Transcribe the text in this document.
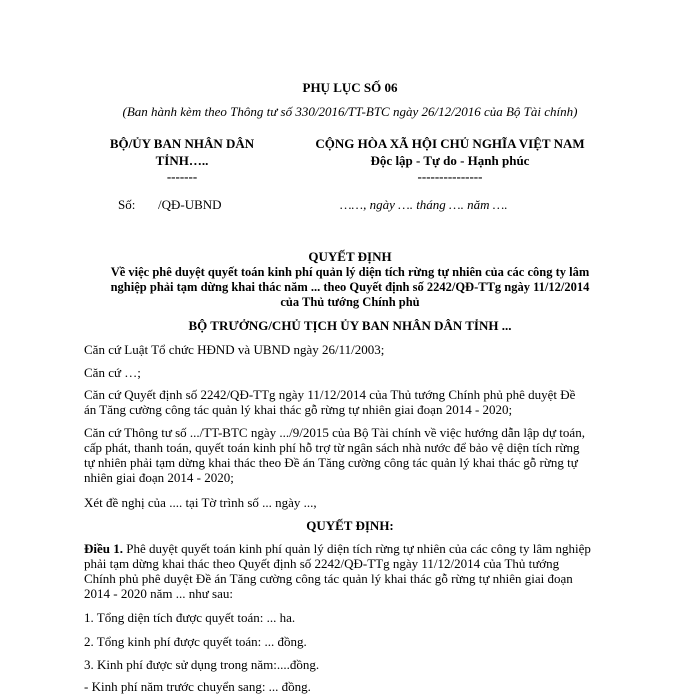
PHỤ LỤC SỐ 06
(Ban hành kèm theo Thông tư số 330/2016/TT-BTC ngày 26/12/2016 của Bộ Tài chính)
BỘ/ỦY BAN NHÂN DÂN
TỈNH…..
-------
CỘNG HÒA XÃ HỘI CHỦ NGHĨA VIỆT NAM
Độc lập - Tự do - Hạnh phúc
---------------
Số: /QĐ-UBND	……, ngày …. tháng …. năm ….
QUYẾT ĐỊNH
Về việc phê duyệt quyết toán kinh phí quản lý diện tích rừng tự nhiên của các công ty lâm
nghiệp phải tạm dừng khai thác năm ... theo Quyết định số 2242/QĐ-TTg ngày 11/12/2014
của Thủ tướng Chính phủ
BỘ TRƯỞNG/CHỦ TỊCH ỦY BAN NHÂN DÂN TỈNH ...
Căn cứ Luật Tổ chức HĐND và UBND ngày 26/11/2003;
Căn cứ …;
Căn cứ Quyết định số 2242/QĐ-TTg ngày 11/12/2014 của Thủ tướng Chính phủ phê duyệt Đề
án Tăng cường công tác quản lý khai thác gỗ rừng tự nhiên giai đoạn 2014 - 2020;
Căn cứ Thông tư số .../TT-BTC ngày .../9/2015 của Bộ Tài chính về việc hướng dẫn lập dự toán,
cấp phát, thanh toán, quyết toán kinh phí hỗ trợ từ ngân sách nhà nước để bảo vệ diện tích rừng
tự nhiên phải tạm dừng khai thác theo Đề án Tăng cường công tác quản lý khai thác gỗ rừng tự
nhiên giai đoạn 2014 - 2020;
Xét đề nghị của .... tại Tờ trình số ... ngày ...,
QUYẾT ĐỊNH:
Điều 1. Phê duyệt quyết toán kinh phí quản lý diện tích rừng tự nhiên của các công ty lâm nghiệp
phải tạm dừng khai thác theo Quyết định số 2242/QĐ-TTg ngày 11/12/2014 của Thủ tướng
Chính phủ phê duyệt Đề án Tăng cường công tác quản lý khai thác gỗ rừng tự nhiên giai đoạn
2014 - 2020 năm ... như sau:
1. Tổng diện tích được quyết toán: ... ha.
2. Tổng kinh phí được quyết toán: ... đồng.
3. Kinh phí được sử dụng trong năm:....đồng.
- Kinh phí năm trước chuyển sang: ... đồng.
